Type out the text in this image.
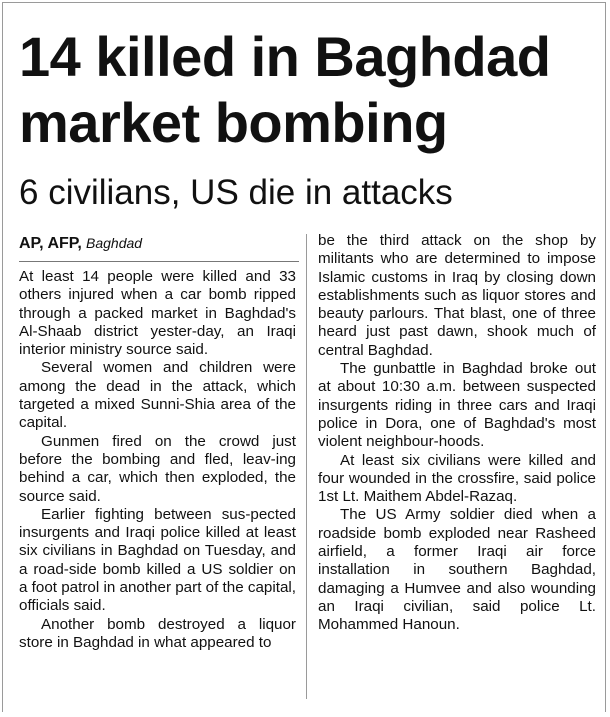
14 killed in Baghdad market bombing
6 civilians, US die in attacks
AP, AFP, Baghdad

At least 14 people were killed and 33 others injured when a car bomb ripped through a packed market in Baghdad's Al-Shaab district yester-day, an Iraqi interior ministry source said.

Several women and children were among the dead in the attack, which targeted a mixed Sunni-Shia area of the capital.

Gunmen fired on the crowd just before the bombing and fled, leav-ing behind a car, which then exploded, the source said.

Earlier fighting between sus-pected insurgents and Iraqi police killed at least six civilians in Baghdad on Tuesday, and a road-side bomb killed a US soldier on a foot patrol in another part of the capital, officials said.

Another bomb destroyed a liquor store in Baghdad in what appeared to

be the third attack on the shop by militants who are determined to impose Islamic customs in Iraq by closing down establishments such as liquor stores and beauty parlours. That blast, one of three heard just past dawn, shook much of central Baghdad.

The gunbattle in Baghdad broke out at about 10:30 a.m. between suspected insurgents riding in three cars and Iraqi police in Dora, one of Baghdad's most violent neighbour-hoods.

At least six civilians were killed and four wounded in the crossfire, said police 1st Lt. Maithem Abdel-Razaq.

The US Army soldier died when a roadside bomb exploded near Rasheed airfield, a former Iraqi air force installation in southern Baghdad, damaging a Humvee and also wounding an Iraqi civilian, said police Lt. Mohammed Hanoun.
